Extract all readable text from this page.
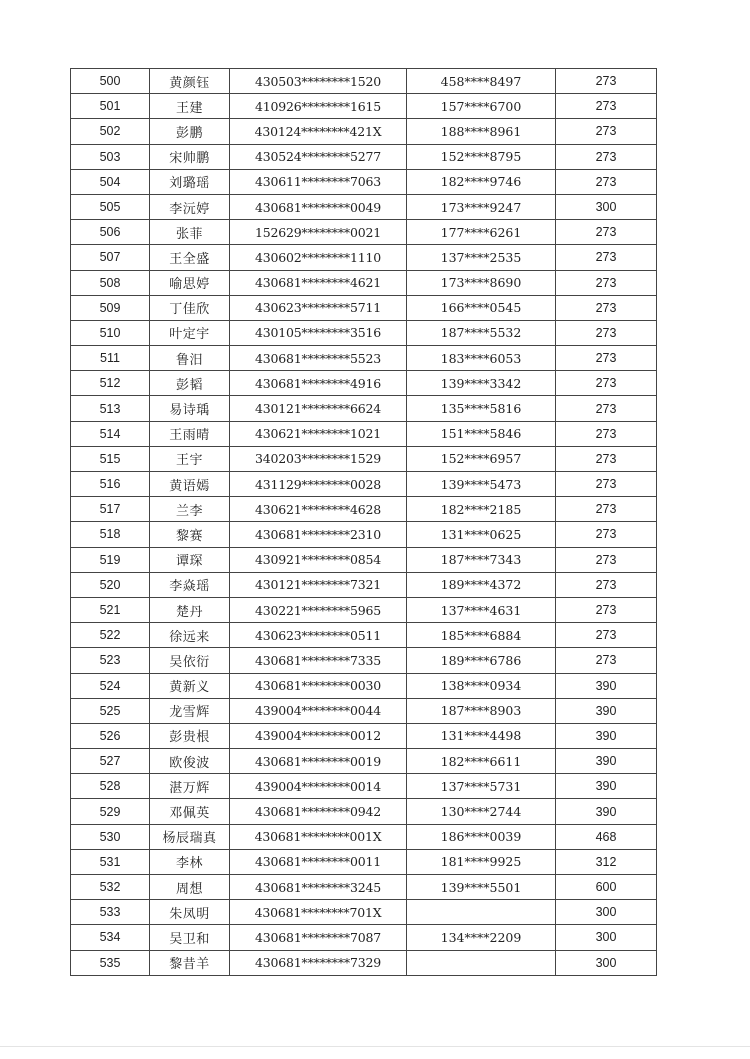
500	黄颜钰	430503********1520	458****8497	273
501	王建	410926********1615	157****6700	273
502	彭鹏	430124********421X	188****8961	273
503	宋帅鹏	430524********5277	152****8795	273
504	刘璐瑶	430611********7063	182****9746	273
505	李沅婷	430681********0049	173****9247	300
506	张菲	152629********0021	177****6261	273
507	王全盛	430602********1110	137****2535	273
508	喻思婷	430681********4621	173****8690	273
509	丁佳欣	430623********5711	166****0545	273
510	叶定宇	430105********3516	187****5532	273
511	鲁汨	430681********5523	183****6053	273
512	彭韬	430681********4916	139****3342	273
513	易诗瑀	430121********6624	135****5816	273
514	王雨晴	430621********1021	151****5846	273
515	王宇	340203********1529	152****6957	273
516	黄语嫣	431129********0028	139****5473	273
517	兰李	430621********4628	182****2185	273
518	黎赛	430681********2310	131****0625	273
519	谭琛	430921********0854	187****7343	273
520	李焱瑶	430121********7321	189****4372	273
521	楚丹	430221********5965	137****4631	273
522	徐远来	430623********0511	185****6884	273
523	吴依衍	430681********7335	189****6786	273
524	黄新义	430681********0030	138****0934	390
525	龙雪辉	439004********0044	187****8903	390
526	彭贵根	439004********0012	131****4498	390
527	欧俊波	430681********0019	182****6611	390
528	湛万辉	439004********0014	137****5731	390
529	邓佩英	430681********0942	130****2744	390
530	杨辰瑞真	430681********001X	186****0039	468
531	李林	430681********0011	181****9925	312
532	周想	430681********3245	139****5501	600
533	朱凤明	430681********701X		300
534	吴卫和	430681********7087	134****2209	300
535	黎昔羊	430681********7329		300
